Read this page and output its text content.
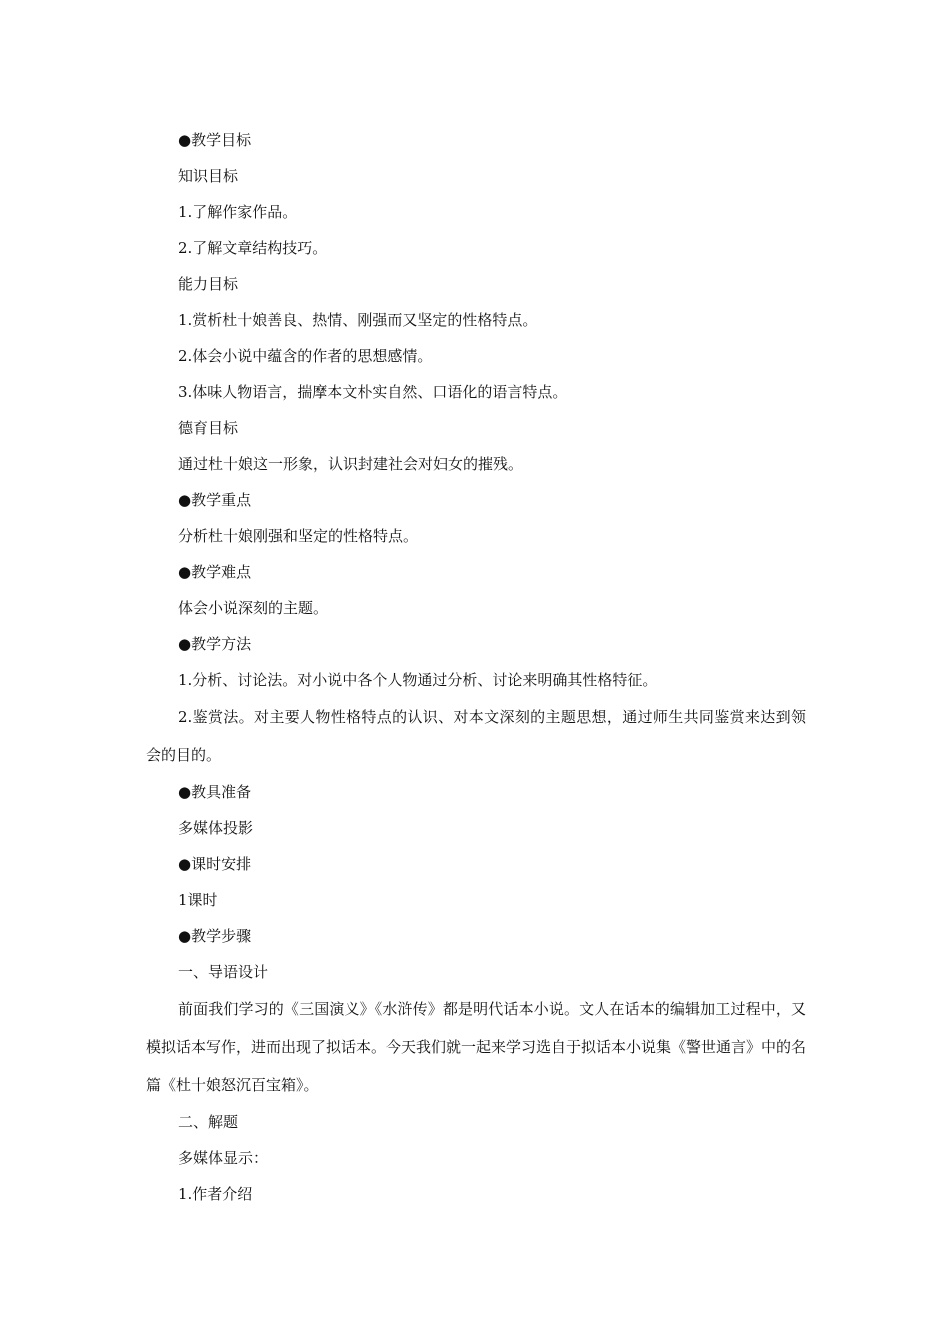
●教学目标

知识目标

1.了解作家作品。

2.了解文章结构技巧。

能力目标

1.赏析杜十娘善良、热情、刚强而又坚定的性格特点。

2.体会小说中蕴含的作者的思想感情。

3.体味人物语言，揣摩本文朴实自然、口语化的语言特点。

德育目标

通过杜十娘这一形象，认识封建社会对妇女的摧残。

●教学重点

分析杜十娘刚强和坚定的性格特点。

●教学难点

体会小说深刻的主题。

●教学方法

1.分析、讨论法。对小说中各个人物通过分析、讨论来明确其性格特征。

2.鉴赏法。对主要人物性格特点的认识、对本文深刻的主题思想，通过师生共同鉴赏来达到领会的目的。

●教具准备

多媒体投影

●课时安排

1课时

●教学步骤

一、导语设计

前面我们学习的《三国演义》《水浒传》都是明代话本小说。文人在话本的编辑加工过程中，又模拟话本写作，进而出现了拟话本。今天我们就一起来学习选自于拟话本小说集《警世通言》中的名篇《杜十娘怒沉百宝箱》。

二、解题

多媒体显示：

1.作者介绍
